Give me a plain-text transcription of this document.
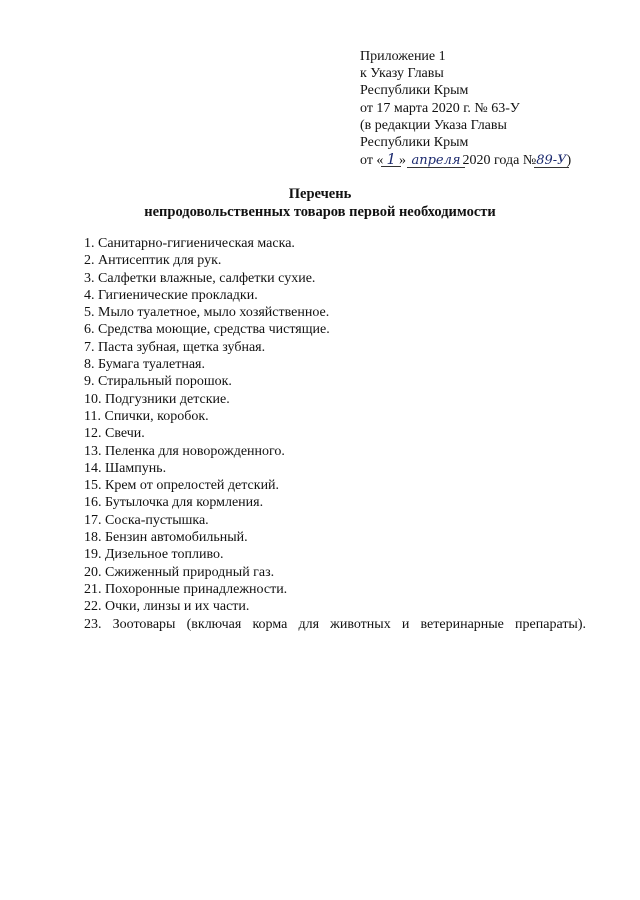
Приложение 1
к Указу Главы
Республики Крым
от 17 марта 2020 г. № 63-У
(в редакции Указа Главы
Республики Крым
от « 1 » апреля 2020 года №89-У)
Перечень
непродовольственных товаров первой необходимости
1. Санитарно-гигиеническая маска.
2. Антисептик для рук.
3. Салфетки влажные, салфетки сухие.
4. Гигиенические прокладки.
5. Мыло туалетное, мыло хозяйственное.
6. Средства моющие, средства чистящие.
7. Паста зубная, щетка зубная.
8. Бумага туалетная.
9. Стиральный порошок.
10. Подгузники детские.
11. Спички, коробок.
12. Свечи.
13. Пеленка для новорожденного.
14. Шампунь.
15. Крем от опрелостей детский.
16. Бутылочка для кормления.
17. Соска-пустышка.
18. Бензин автомобильный.
19. Дизельное топливо.
20. Сжиженный природный газ.
21. Похоронные принадлежности.
22. Очки, линзы и их части.
23. Зоотовары (включая корма для животных и ветеринарные препараты).
